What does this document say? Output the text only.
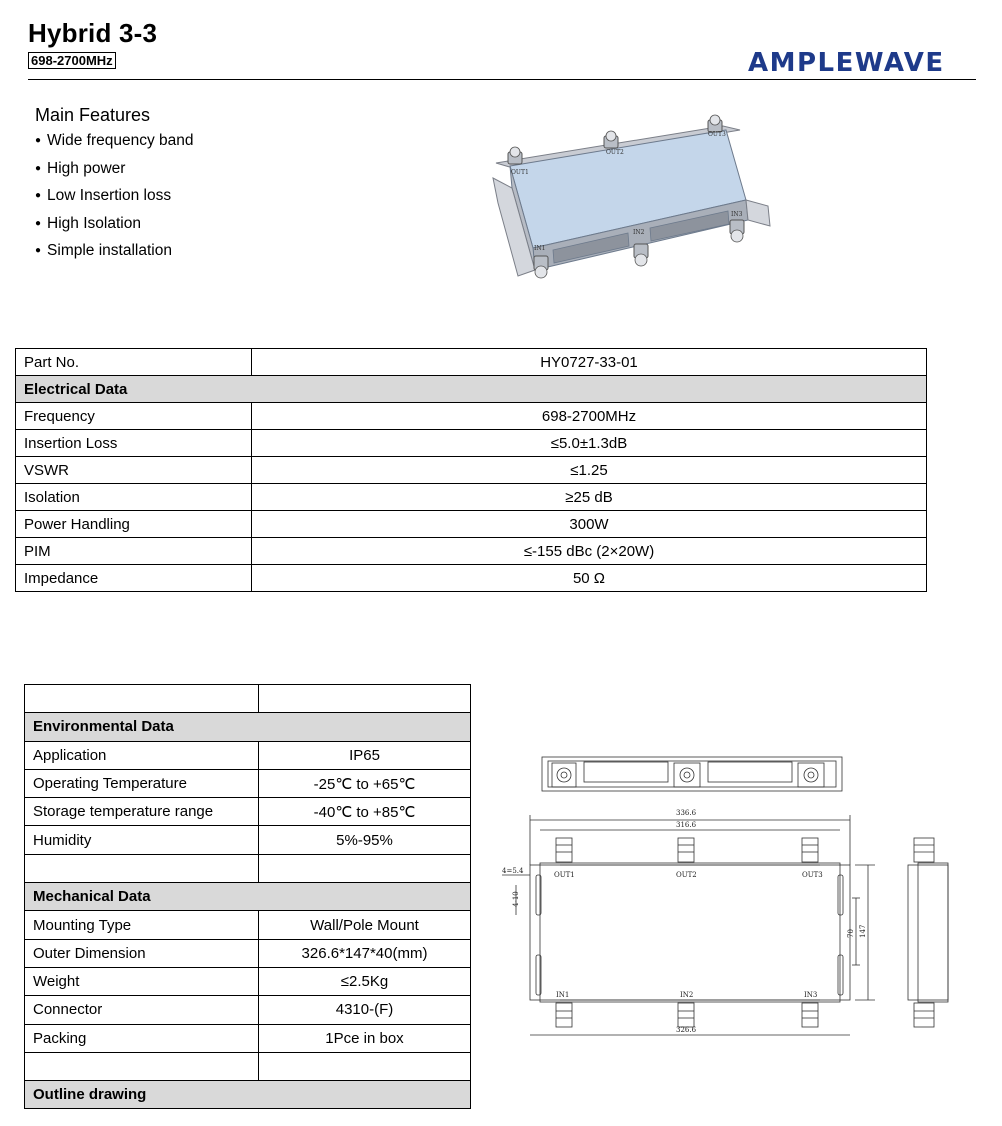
Hybrid 3-3
698-2700MHz	AMPLEWAVE
Main Features
● Wide frequency band
● High power
● Low Insertion loss
● High Isolation
● Simple installation
OUT1
OUT2
OUT3
IN1
IN2
IN3
Part No.	HY0727-33-01
Electrical Data	
Frequency	698-2700MHz
Insertion Loss	≤5.0±1.3dB
VSWR	≤1.25
Isolation	≥25 dB
Power Handling	300W
PIM	≤-155 dBc (2×20W)
Impedance	50 Ω

Environmental Data	
Application	IP65
Operating Temperature	-25℃ to +65℃
Storage temperature range	-40℃ to +85℃
Humidity	5%-95%

Mechanical Data	
Mounting Type	Wall/Pole Mount
Outer Dimension	326.6*147*40(mm)
Weight	≤2.5Kg
Connector	4310-(F)
Packing	1Pce in box

Outline drawing	
336.6
316.6
326.6
4=5.4
4-10
70 147
OUT1	OUT2	OUT3
IN1	IN2	IN3
